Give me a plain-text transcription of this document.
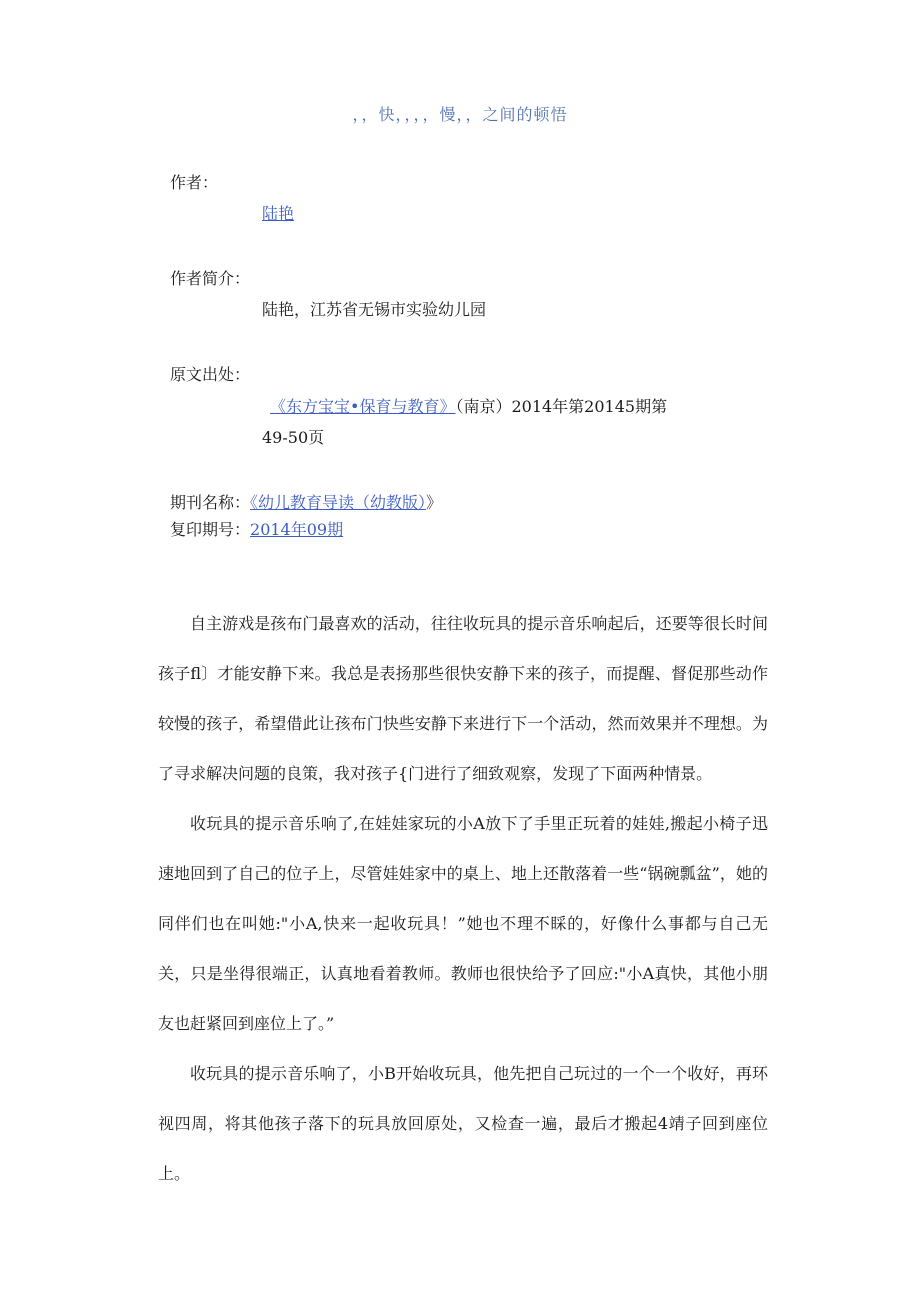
，，快，，，，慢，，之间的顿悟
作者：
陆艳
作者简介：
陆艳，江苏省无锡市实验幼儿园
原文出处：
《东方宝宝•保育与教育》（南京）2014年第20145期第
49-50页
期刊名称：《幼儿教育导读（幼教版）》
复印期号：2014年09期

自主游戏是孩布门最喜欢的活动，往往收玩具的提示音乐响起后，还要等很长时间孩子fl〕才能安静下来。我总是表扬那些很快安静下来的孩子，而提醒、督促那些动作较慢的孩子，希望借此让孩布门快些安静下来进行下一个活动，然而效果并不理想。为了寻求解决问题的良策，我对孩子{门进行了细致观察，发现了下面两种情景。

收玩具的提示音乐响了,在娃娃家玩的小A放下了手里正玩着的娃娃,搬起小椅子迅速地回到了自己的位子上，尽管娃娃家中的桌上、地上还散落着一些“锅碗瓢盆”，她的同伴们也在叫她:"小A,快来一起收玩具！”她也不理不睬的，好像什么事都与自己无关，只是坐得很端正，认真地看着教师。教师也很快给予了回应:"小A真快，其他小朋友也赶紧回到座位上了。”

收玩具的提示音乐响了，小B开始收玩具，他先把自己玩过的一个一个收好，再环视四周，将其他孩子落下的玩具放回原处，又检查一遍，最后才搬起4靖子回到座位上。
